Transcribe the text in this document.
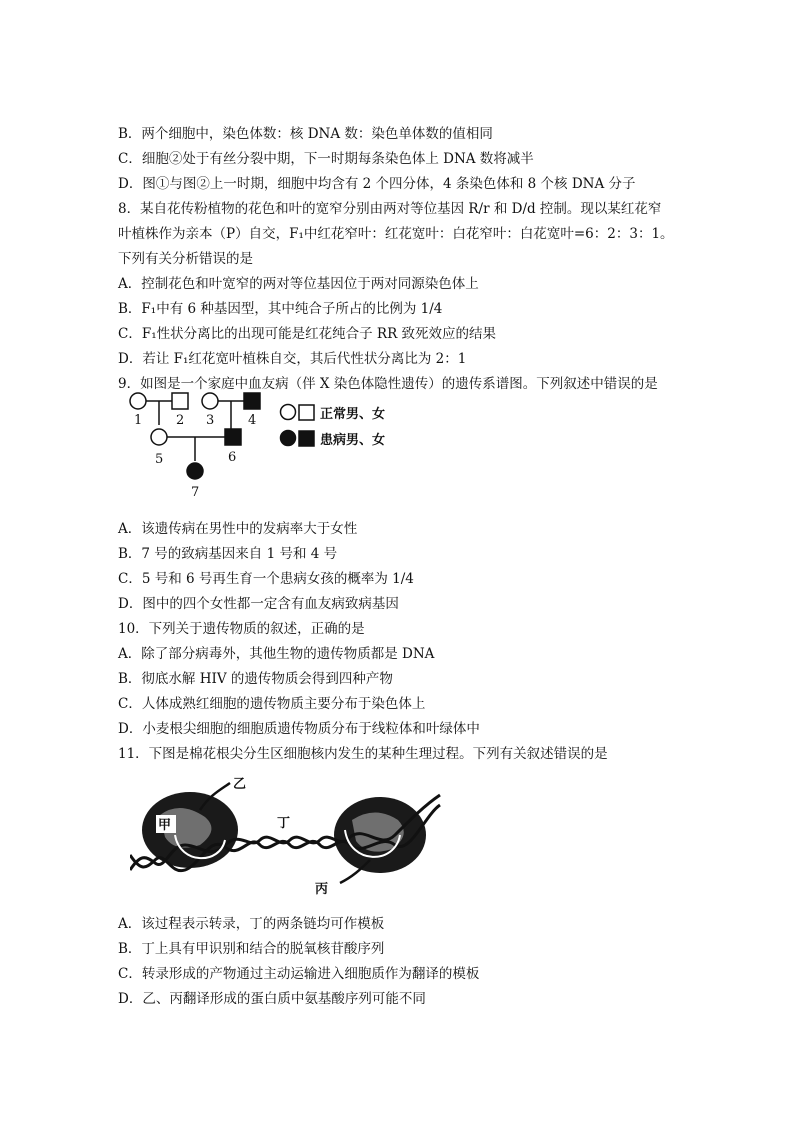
B．两个细胞中，染色体数：核 DNA 数：染色单体数的值相同
C．细胞②处于有丝分裂中期，下一时期每条染色体上 DNA 数将减半
D．图①与图②上一时期，细胞中均含有 2 个四分体，4 条染色体和 8 个核 DNA 分子
8．某自花传粉植物的花色和叶的宽窄分别由两对等位基因 R/r 和 D/d 控制。现以某红花窄
叶植株作为亲本（P）自交，F₁中红花窄叶：红花宽叶：白花窄叶：白花宽叶=6：2：3：1。
下列有关分析错误的是
A．控制花色和叶宽窄的两对等位基因位于两对同源染色体上
B．F₁中有 6 种基因型，其中纯合子所占的比例为 1/4
C．F₁性状分离比的出现可能是红花纯合子 RR 致死效应的结果
D．若让 F₁红花宽叶植株自交，其后代性状分离比为 2：1
9．如图是一个家庭中血友病（伴 X 染色体隐性遗传）的遗传系谱图。下列叙述中错误的是
1	2 3	4
5	6
7
正常男、女
患病男、女
A．该遗传病在男性中的发病率大于女性
B．7 号的致病基因来自 1 号和 4 号
C．5 号和 6 号再生育一个患病女孩的概率为 1/4
D．图中的四个女性都一定含有血友病致病基因
10．下列关于遗传物质的叙述，正确的是
A．除了部分病毒外，其他生物的遗传物质都是 DNA
B．彻底水解 HIV 的遗传物质会得到四种产物
C．人体成熟红细胞的遗传物质主要分布于染色体上
D．小麦根尖细胞的细胞质遗传物质分布于线粒体和叶绿体中
11．下图是棉花根尖分生区细胞核内发生的某种生理过程。下列有关叙述错误的是
甲
乙
丁
丙
A．该过程表示转录，丁的两条链均可作模板
B．丁上具有甲识别和结合的脱氧核苷酸序列
C．转录形成的产物通过主动运输进入细胞质作为翻译的模板
D．乙、丙翻译形成的蛋白质中氨基酸序列可能不同
